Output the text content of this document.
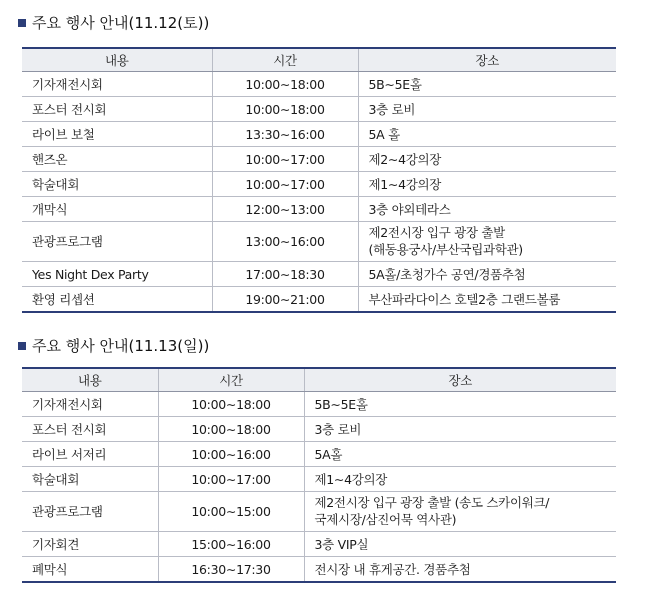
주요 행사 안내(11.12(토))
내용	시간	장소
기자재전시회	10:00∼18:00	5B∼5E홀

포스터 전시회	10:00∼18:00	3층 로비

라이브 보철	13:30∼16:00	5A 홀

핸즈온	10:00∼17:00	제2∼4강의장

학술대회	10:00∼17:00	제1∼4강의장

개막식	12:00∼13:00	3층 야외테라스

관광프로그램	13:00∼16:00	제2전시장 입구 광장 출발
(해동용궁사/부산국립과학관)

Yes Night Dex Party	17:00∼18:30	5A홀/초청가수 공연/경품추첨

환영 리셉션	19:00∼21:00	부산파라다이스 호텔2층 그랜드볼룸
주요 행사 안내(11.13(일))
내용	시간	장소
기자재전시회	10:00∼18:00	5B∼5E홀

포스터 전시회	10:00∼18:00	3층 로비

라이브 서저리	10:00∼16:00	5A홀

학술대회	10:00∼17:00	제1∼4강의장

관광프로그램	10:00∼15:00	제2전시장 입구 광장 출발 (송도 스카이워크/
국제시장/삼진어묵 역사관)

기자회견	15:00∼16:00	3층 VIP실

폐막식	16:30∼17:30	전시장 내 휴게공간. 경품추첨
